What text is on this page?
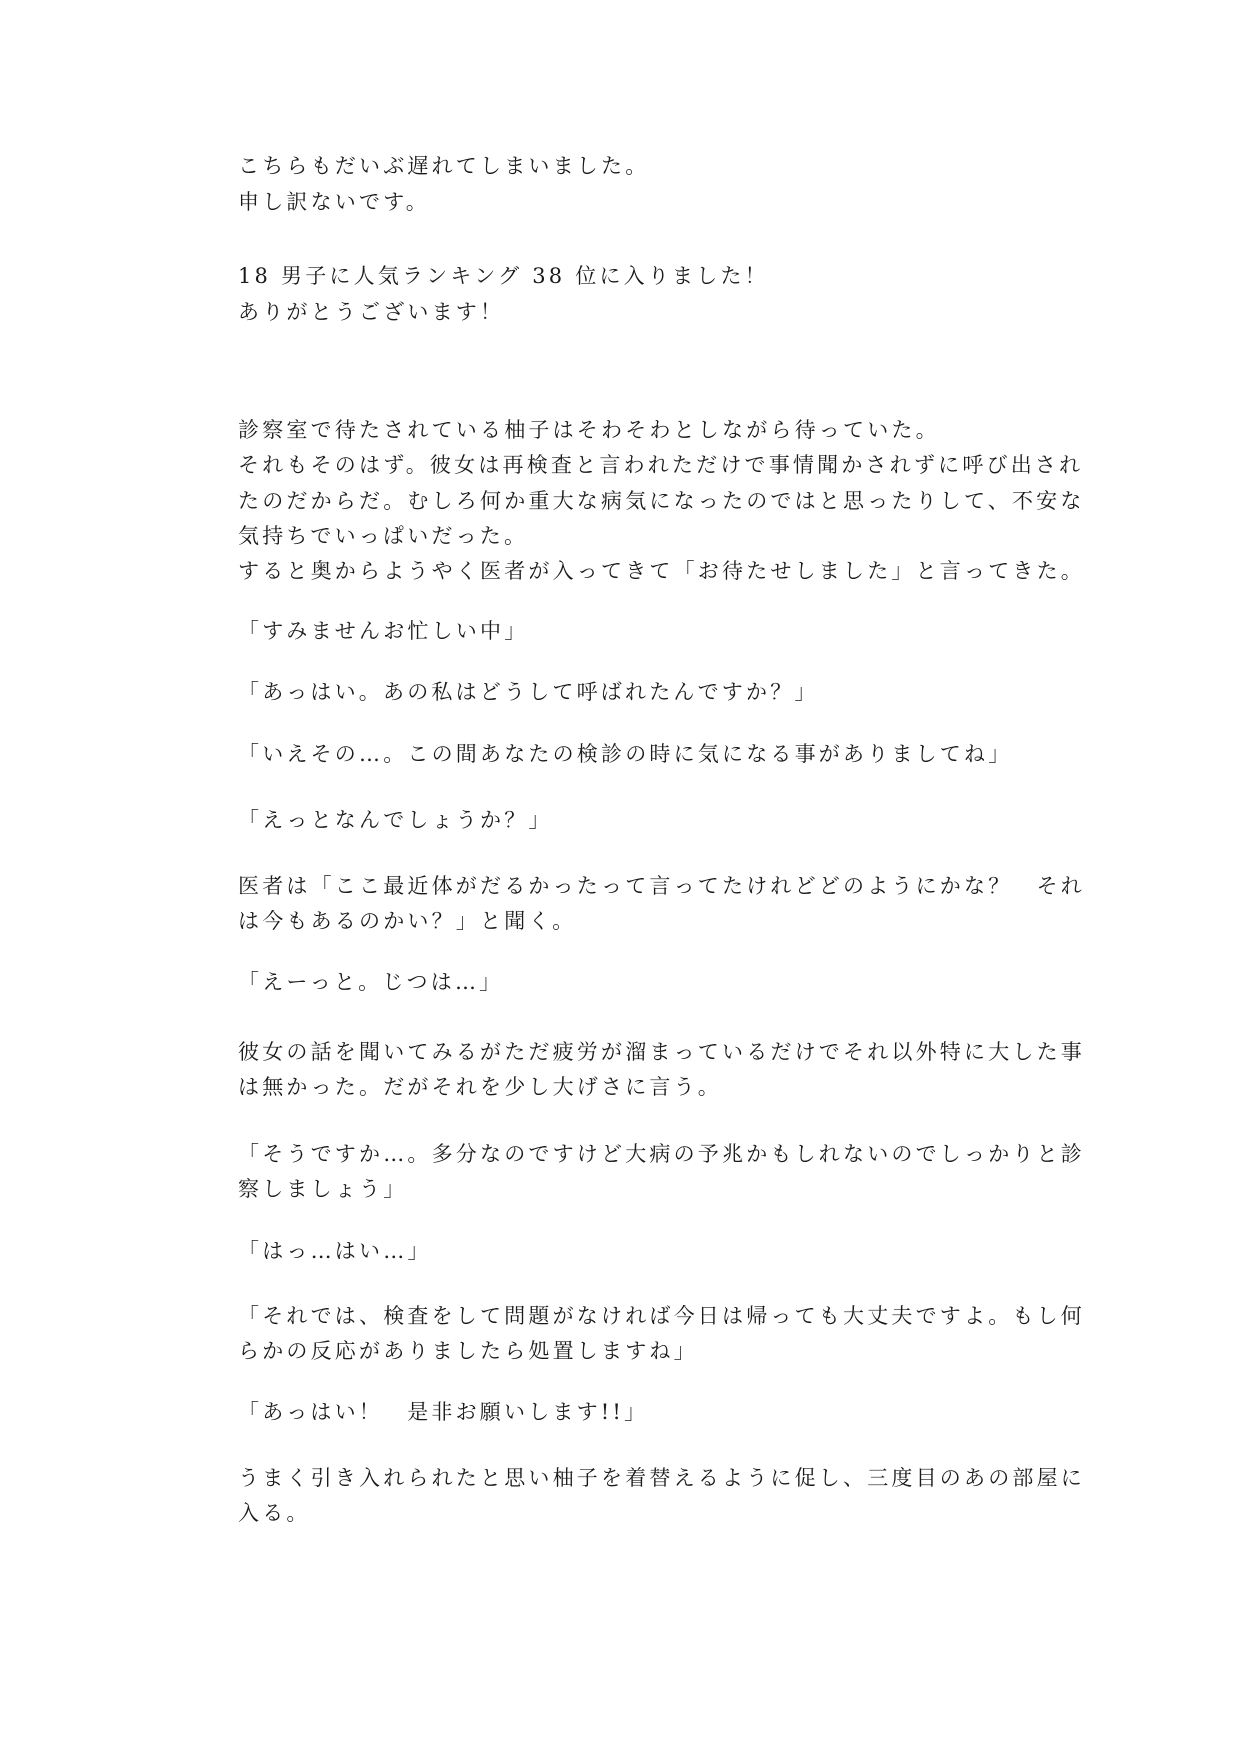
こちらもだいぶ遅れてしまいました。
申し訳ないです。
18 男子に人気ランキング 38 位に入りました！
ありがとうございます！
診察室で待たされている柚子はそわそわとしながら待っていた。
それもそのはず。彼女は再検査と言われただけで事情聞かされずに呼び出され
たのだからだ。むしろ何か重大な病気になったのではと思ったりして、不安な
気持ちでいっぱいだった。
すると奥からようやく医者が入ってきて「お待たせしました」と言ってきた。
「すみませんお忙しい中」
「あっはい。あの私はどうして呼ばれたんですか？」
「いえその…。この間あなたの検診の時に気になる事がありましてね」
「えっとなんでしょうか？」
医者は「ここ最近体がだるかったって言ってたけれどどのようにかな？　それ
は今もあるのかい？」と聞く。
「えーっと。じつは…」
彼女の話を聞いてみるがただ疲労が溜まっているだけでそれ以外特に大した事
は無かった。だがそれを少し大げさに言う。
「そうですか…。多分なのですけど大病の予兆かもしれないのでしっかりと診
察しましょう」
「はっ…はい…」
「それでは、検査をして問題がなければ今日は帰っても大丈夫ですよ。もし何
らかの反応がありましたら処置しますね」
「あっはい！　是非お願いします!!」
うまく引き入れられたと思い柚子を着替えるように促し、三度目のあの部屋に
入る。
